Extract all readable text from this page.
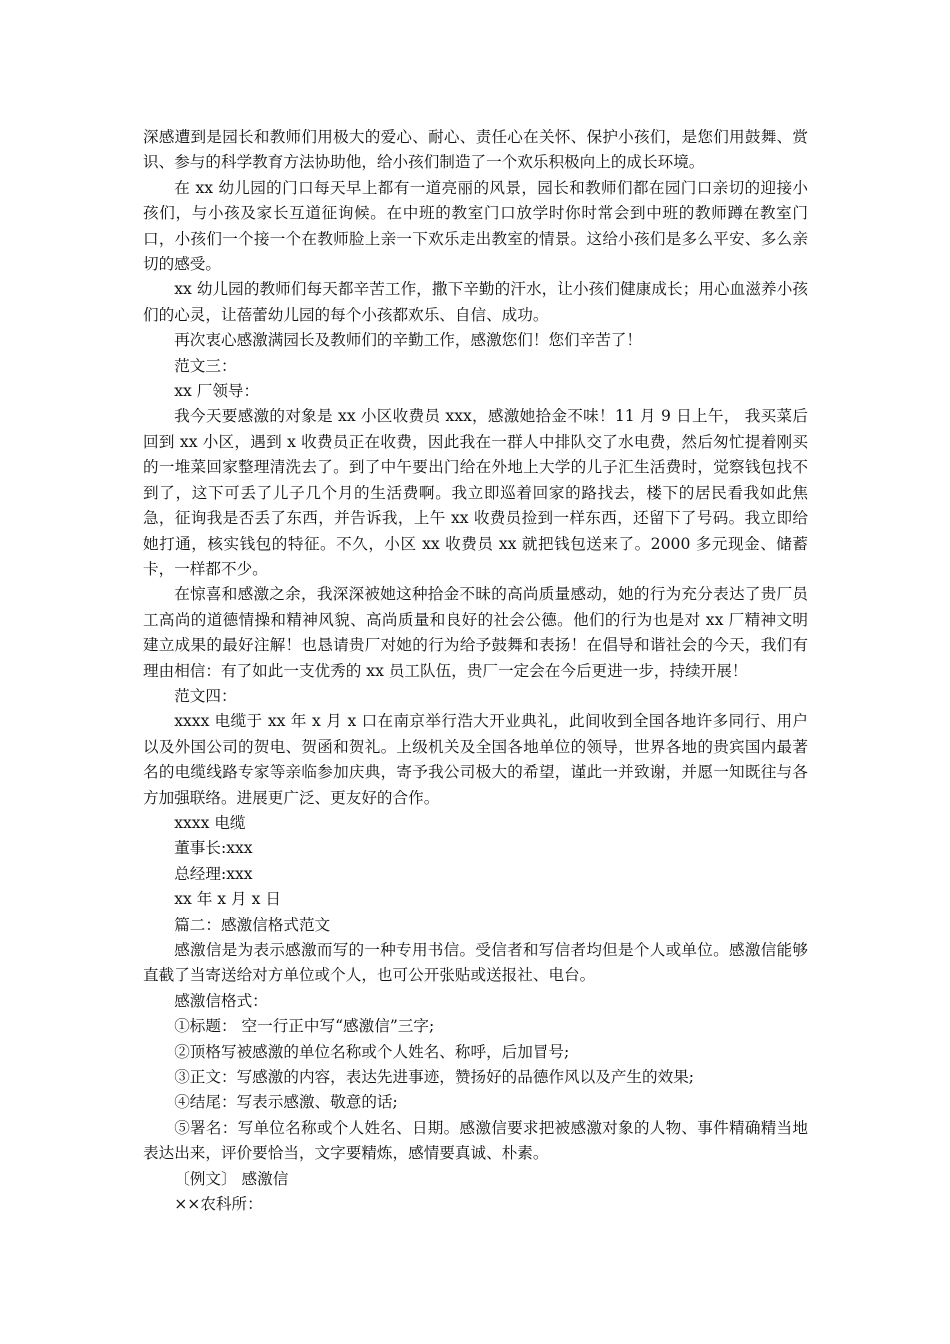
深感遭到是园长和教师们用极大的爱心、耐心、责任心在关怀、保护小孩们，是您们用鼓舞、赏识、参与的科学教育方法协助他，给小孩们制造了一个欢乐积极向上的成长环境。

在 xx 幼儿园的门口每天早上都有一道亮丽的风景，园长和教师们都在园门口亲切的迎接小孩们，与小孩及家长互道征询候。在中班的教室门口放学时你时常会到中班的教师蹲在教室门口，小孩们一个接一个在教师脸上亲一下欢乐走出教室的情景。这给小孩们是多么平安、多么亲切的感受。

xx 幼儿园的教师们每天都辛苦工作，撒下辛勤的汗水，让小孩们健康成长；用心血滋养小孩们的心灵，让蓓蕾幼儿园的每个小孩都欢乐、自信、成功。

再次衷心感激满园长及教师们的辛勤工作，感激您们！您们辛苦了！

范文三：

xx 厂领导：

我今天要感激的对象是 xx 小区收费员 xxx，感激她拾金不味！11 月 9 日上午， 我买菜后回到 xx 小区，遇到 x 收费员正在收费，因此我在一群人中排队交了水电费，然后匆忙提着刚买的一堆菜回家整理清洗去了。到了中午要出门给在外地上大学的儿子汇生活费时，觉察钱包找不到了，这下可丢了儿子几个月的生活费啊。我立即巡着回家的路找去，楼下的居民看我如此焦急，征询我是否丢了东西，并告诉我，上午 xx 收费员捡到一样东西，还留下了号码。我立即给她打通，核实钱包的特征。不久，小区 xx 收费员 xx 就把钱包送来了。2000 多元现金、储蓄卡，一样都不少。

在惊喜和感激之余，我深深被她这种拾金不昧的高尚质量感动，她的行为充分表达了贵厂员工高尚的道德情操和精神风貌、高尚质量和良好的社会公德。他们的行为也是对 xx 厂精神文明建立成果的最好注解！也恳请贵厂对她的行为给予鼓舞和表扬！在倡导和谐社会的今天，我们有理由相信：有了如此一支优秀的 xx 员工队伍，贵厂一定会在今后更进一步，持续开展！

范文四：

xxxx 电缆于 xx 年 x 月 x 口在南京举行浩大开业典礼，此间收到全国各地许多同行、用户以及外国公司的贺电、贺函和贺礼。上级机关及全国各地单位的领导，世界各地的贵宾国内最著名的电缆线路专家等亲临参加庆典，寄予我公司极大的希望，谨此一并致谢，并愿一知既往与各方加强联络。进展更广泛、更友好的合作。

xxxx 电缆

董事长:xxx

总经理:xxx

xx 年 x 月 x 日

篇二：感激信格式范文

感激信是为表示感激而写的一种专用书信。受信者和写信者均但是个人或单位。感激信能够直截了当寄送给对方单位或个人，也可公开张贴或送报社、电台。

感激信格式：

①标题： 空一行正中写“感激信”三字;

②顶格写被感激的单位名称或个人姓名、称呼，后加冒号;

③正文：写感激的内容，表达先进事迹，赞扬好的品德作风以及产生的效果;

④结尾：写表示感激、敬意的话;

⑤署名：写单位名称或个人姓名、日期。感激信要求把被感激对象的人物、事件精确精当地表达出来，评价要恰当，文字要精炼，感情要真诚、朴素。

〔例文〕 感激信

××农科所：
